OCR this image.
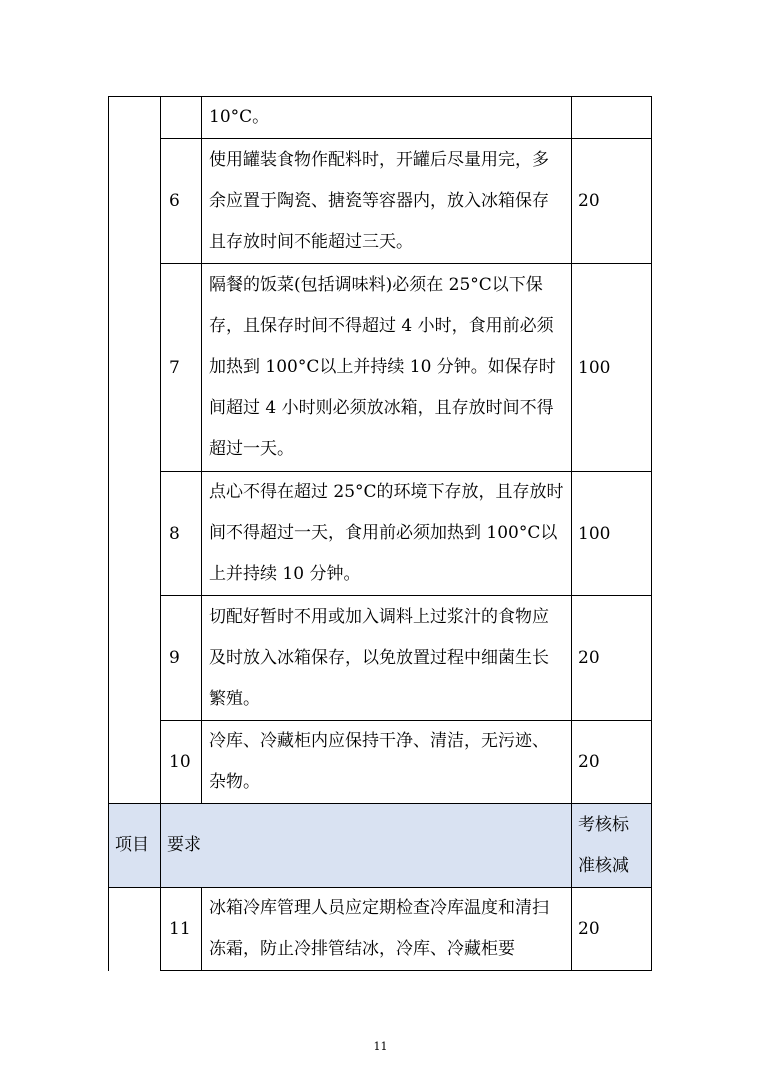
		10°C。	
	6	使用罐装食物作配料时，开罐后尽量用完，多余应置于陶瓷、搪瓷等容器内，放入冰箱保存且存放时间不能超过三天。	20
	7	隔餐的饭菜(包括调味料)必须在 25°C以下保存，且保存时间不得超过 4 小时，食用前必须加热到 100°C以上并持续 10 分钟。如保存时间超过 4 小时则必须放冰箱，且存放时间不得超过一天。	100
	8	点心不得在超过 25°C的环境下存放，且存放时间不得超过一天，食用前必须加热到 100°C以上并持续 10 分钟。	100
	9	切配好暂时不用或加入调料上过浆汁的食物应及时放入冰箱保存，以免放置过程中细菌生长繁殖。	20
	10	冷库、冷藏柜内应保持干净、清洁，无污迹、杂物。	20
项目	要求		考核标准核减
	11	冰箱冷库管理人员应定期检查冷库温度和清扫冻霜，防止冷排管结冰，冷库、冷藏柜要	20
11
